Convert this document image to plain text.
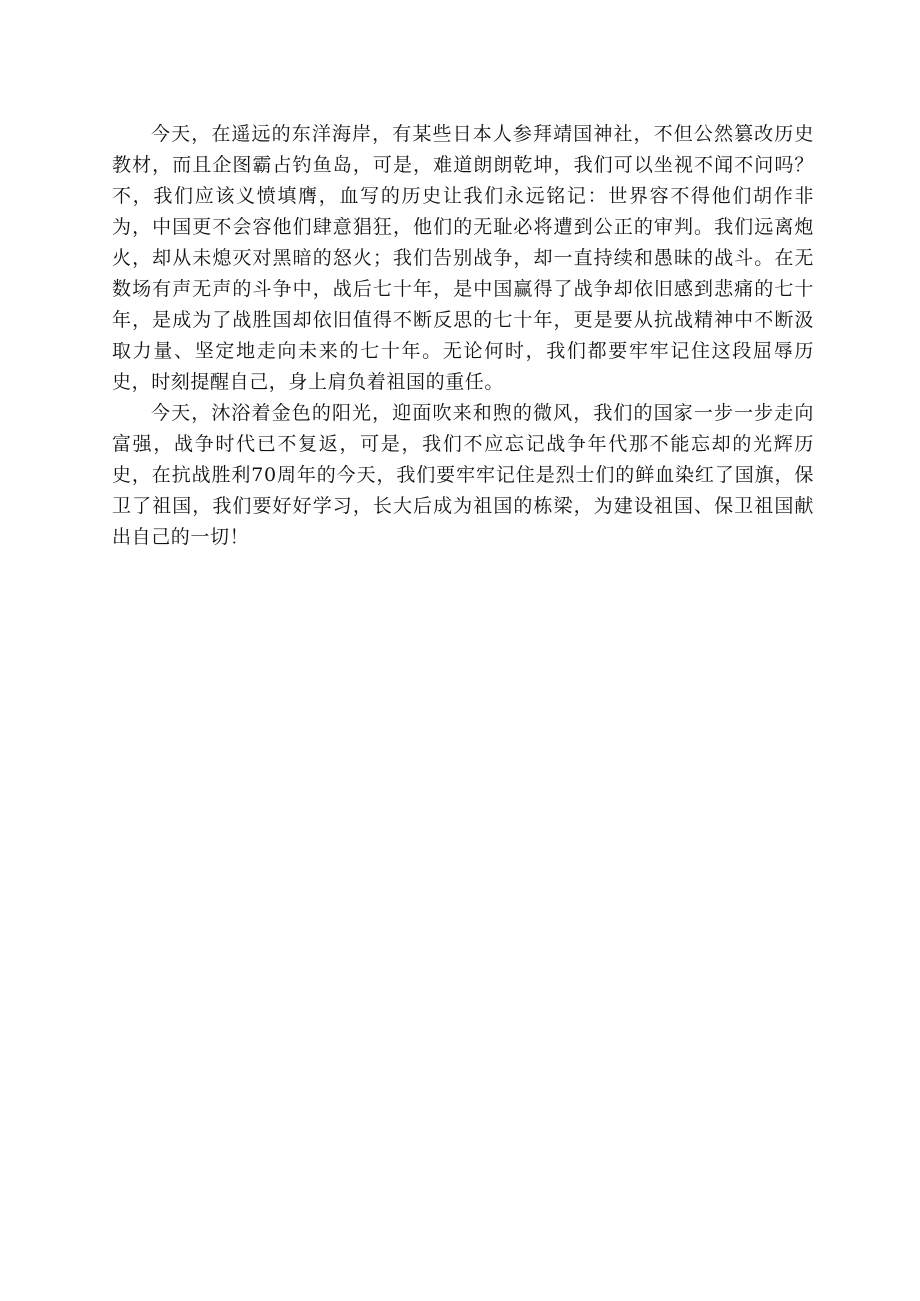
今天，在遥远的东洋海岸，有某些日本人参拜靖国神社，不但公然篡改历史教材，而且企图霸占钓鱼岛，可是，难道朗朗乾坤，我们可以坐视不闻不问吗？不，我们应该义愤填膺，血写的历史让我们永远铭记：世界容不得他们胡作非为，中国更不会容他们肆意猖狂，他们的无耻必将遭到公正的审判。我们远离炮火，却从未熄灭对黑暗的怒火；我们告别战争，却一直持续和愚昧的战斗。在无数场有声无声的斗争中，战后七十年，是中国赢得了战争却依旧感到悲痛的七十年，是成为了战胜国却依旧值得不断反思的七十年，更是要从抗战精神中不断汲取力量、坚定地走向未来的七十年。无论何时，我们都要牢牢记住这段屈辱历史，时刻提醒自己，身上肩负着祖国的重任。

今天，沐浴着金色的阳光，迎面吹来和煦的微风，我们的国家一步一步走向富强，战争时代已不复返，可是，我们不应忘记战争年代那不能忘却的光辉历史，在抗战胜利70周年的今天，我们要牢牢记住是烈士们的鲜血染红了国旗，保卫了祖国，我们要好好学习，长大后成为祖国的栋梁，为建设祖国、保卫祖国献出自己的一切！
